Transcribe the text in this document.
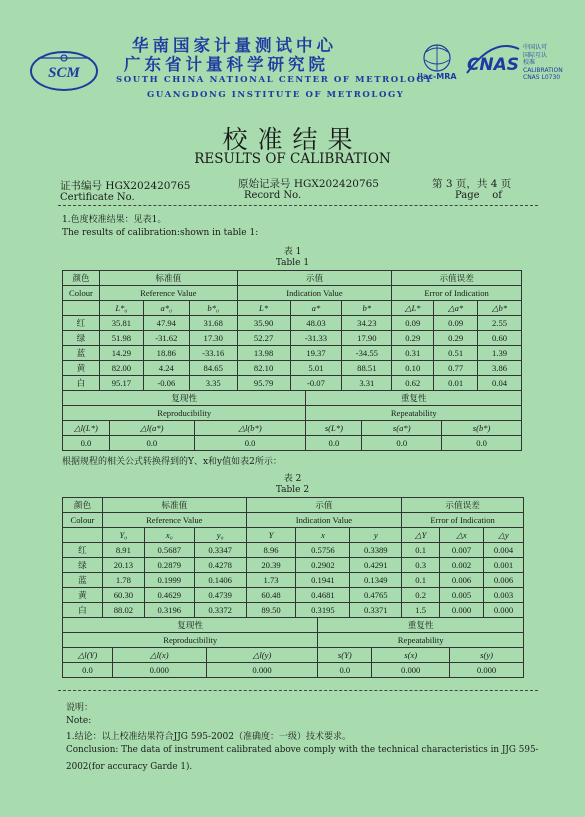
SCM
华南国家计量测试中心
广东省计量科学研究院
SOUTH CHINA NATIONAL CENTER OF METROLOGY
GUANGDONG INSTITUTE OF METROLOGY
ilac-MRA
CNAS
中国认可
国际互认
校准
CALIBRATION
CNAS L0730
校准结果
RESULTS OF CALIBRATION
证书编号 HGX202420765
Certificate No.
原始记录号 HGX202420765
Record No.
第 3 页，共 4 页
Page    of
1.色度校准结果：见表1。
The results of calibration:shown in table 1:
表 1
Table 1
颜色	标准值			示值			示值误差		
Colour	Reference Value			Indication Value			Error of Indication		
	L*₀	a*₀	b*₀	L*	a*	b*	△L*	△a*	△b*
红	35.81	47.94	31.68	35.90	48.03	34.23	0.09	0.09	2.55
绿	51.98	-31.62	17.30	52.27	-31.33	17.90	0.29	0.29	0.60
蓝	14.29	18.86	-33.16	13.98	19.37	-34.55	0.31	0.51	1.39
黄	82.00	4.24	84.65	82.10	5.01	88.51	0.10	0.77	3.86
白	95.17	-0.06	3.35	95.79	-0.07	3.31	0.62	0.01	0.04
复现性			重复性		
Reproducibility			Repeatability		
△l(L*)	△l(a*)	△l(b*)	s(L*)	s(a*)	s(b*)
0.0	0.0	0.0	0.0	0.0	0.0
根据规程的相关公式转换得到的Y、x和y值如表2所示：
表 2
Table 2
颜色	标准值			示值			示值误差		
Colour	Reference Value			Indication Value			Error of Indication		
	Y₀	x₀	y₀	Y	x	y	△Y	△x	△y
红	8.91	0.5687	0.3347	8.96	0.5756	0.3389	0.1	0.007	0.004
绿	20.13	0.2879	0.4278	20.39	0.2902	0.4291	0.3	0.002	0.001
蓝	1.78	0.1999	0.1406	1.73	0.1941	0.1349	0.1	0.006	0.006
黄	60.30	0.4629	0.4739	60.48	0.4681	0.4765	0.2	0.005	0.003
白	88.02	0.3196	0.3372	89.50	0.3195	0.3371	1.5	0.000	0.000
复现性			重复性		
Reproducibility			Repeatability		
△l(Y)	△l(x)	△l(y)	s(Y)	s(x)	s(y)
0.0	0.000	0.000	0.0	0.000	0.000
说明：
Note:
1.结论：以上校准结果符合JJG 595-2002（准确度：一级）技术要求。
Conclusion: The data of instrument calibrated above comply with the technical characteristics in JJG 595-
2002(for accuracy Garde 1).
